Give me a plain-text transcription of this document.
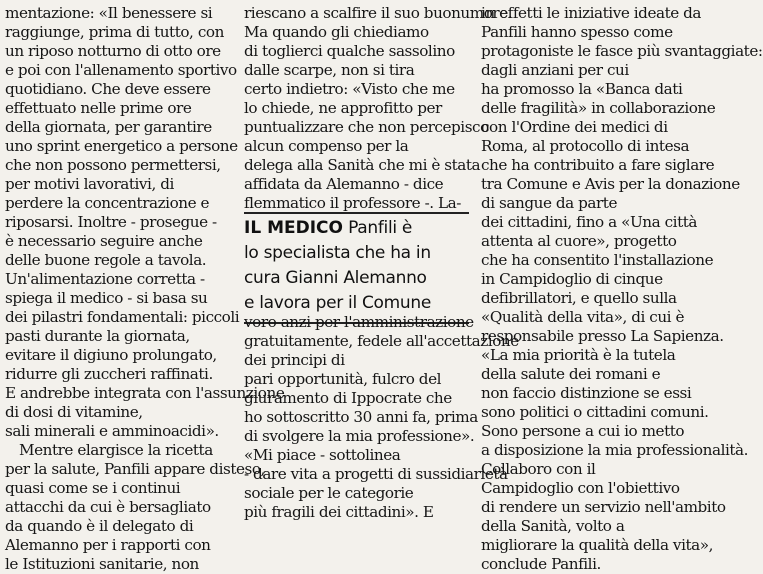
mentazione: «Il benessere si
raggiunge, prima di tutto, con
un riposo notturno di otto ore
e poi con l'allenamento sportivo
quotidiano. Che deve essere
effettuato nelle prime ore
della giornata, per garantire
uno sprint energetico a persone
che non possono permettersi,
per motivi lavorativi, di
perdere la concentrazione e
riposarsi. Inoltre - prosegue -
è necessario seguire anche
delle buone regole a tavola.
Un'alimentazione corretta -
spiega il medico - si basa su
dei pilastri fondamentali: piccoli
pasti durante la giornata,
evitare il digiuno prolungato,
ridurre gli zuccheri raffinati.
E andrebbe integrata con l'assunzione
di dosi di vitamine,
sali minerali e amminoacidi».
Mentre elargisce la ricetta
per la salute, Panfili appare disteso,
quasi come se i continui
attacchi da cui è bersagliato
da quando è il delegato di
Alemanno per i rapporti con
le Istituzioni sanitarie, non
riescano a scalfire il suo buonumore.
Ma quando gli chiediamo
di toglierci qualche sassolino
dalle scarpe, non si tira
certo indietro: «Visto che me
lo chiede, ne approfitto per
puntualizzare che non percepisco
alcun compenso per la
delega alla Sanità che mi è stata
affidata da Alemanno - dice
flemmatico il professore -. La-
IL MEDICO Panfili è
lo specialista che ha in
cura Gianni Alemanno
e lavora per il Comune
voro anzi per l'amministrazione
gratuitamente, fedele all'accettazione
dei principi di
pari opportunità, fulcro del
giuramento di Ippocrate che
ho sottoscritto 30 anni fa, prima
di svolgere la mia professione».
«Mi piace - sottolinea
- dare vita a progetti di sussidiarietà
sociale per le categorie
più fragili dei cittadini». E
in effetti le iniziative ideate da
Panfili hanno spesso come
protagoniste le fasce più svantaggiate:
dagli anziani per cui
ha promosso la «Banca dati
delle fragilità» in collaborazione
con l'Ordine dei medici di
Roma, al protocollo di intesa
che ha contribuito a fare siglare
tra Comune e Avis per la donazione
di sangue da parte
dei cittadini, fino a «Una città
attenta al cuore», progetto
che ha consentito l'installazione
in Campidoglio di cinque
defibrillatori, e quello sulla
«Qualità della vita», di cui è
responsabile presso La Sapienza.
«La mia priorità è la tutela
della salute dei romani e
non faccio distinzione se essi
sono politici o cittadini comuni.
Sono persone a cui io metto
a disposizione la mia professionalità.
Collaboro con il
Campidoglio con l'obiettivo
di rendere un servizio nell'ambito
della Sanità, volto a
migliorare la qualità della vita»,
conclude Panfili.
